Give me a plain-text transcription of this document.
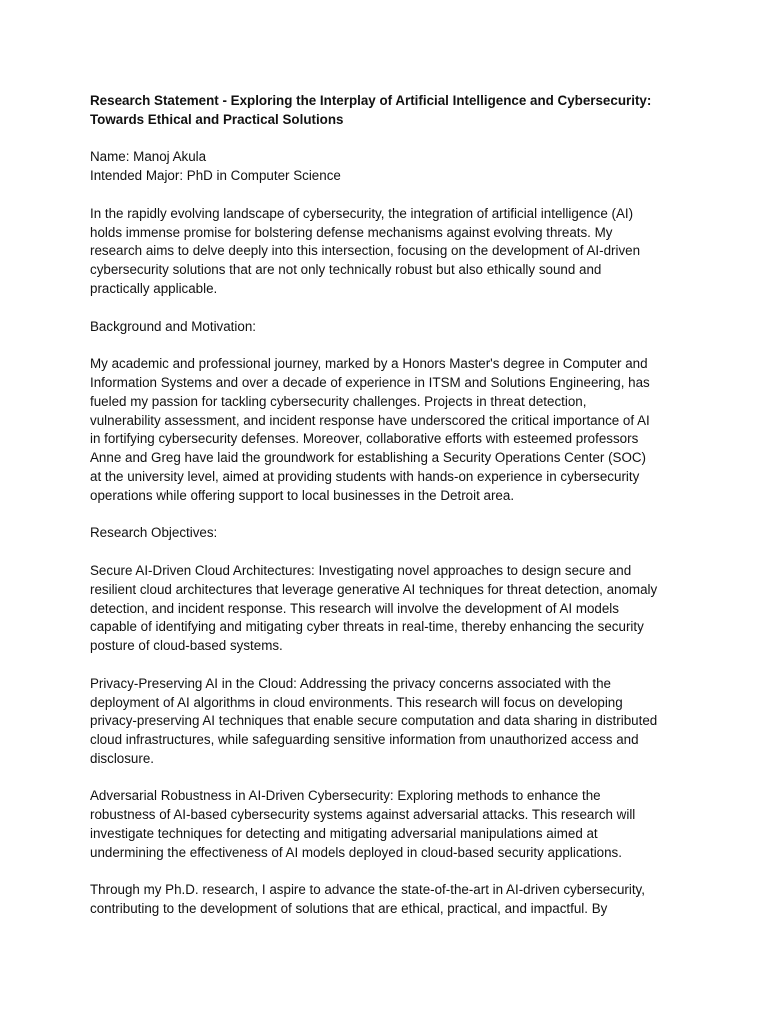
Research Statement - Exploring the Interplay of Artificial Intelligence and Cybersecurity:
Towards Ethical and Practical Solutions
Name: Manoj Akula
Intended Major: PhD in Computer Science
In the rapidly evolving landscape of cybersecurity, the integration of artificial intelligence (AI)
holds immense promise for bolstering defense mechanisms against evolving threats. My
research aims to delve deeply into this intersection, focusing on the development of AI-driven
cybersecurity solutions that are not only technically robust but also ethically sound and
practically applicable.
Background and Motivation:
My academic and professional journey, marked by a Honors Master's degree in Computer and
Information Systems and over a decade of experience in ITSM and Solutions Engineering, has
fueled my passion for tackling cybersecurity challenges. Projects in threat detection,
vulnerability assessment, and incident response have underscored the critical importance of AI
in fortifying cybersecurity defenses. Moreover, collaborative efforts with esteemed professors
Anne and Greg have laid the groundwork for establishing a Security Operations Center (SOC)
at the university level, aimed at providing students with hands-on experience in cybersecurity
operations while offering support to local businesses in the Detroit area.
Research Objectives:
Secure AI-Driven Cloud Architectures: Investigating novel approaches to design secure and
resilient cloud architectures that leverage generative AI techniques for threat detection, anomaly
detection, and incident response. This research will involve the development of AI models
capable of identifying and mitigating cyber threats in real-time, thereby enhancing the security
posture of cloud-based systems.
Privacy-Preserving AI in the Cloud: Addressing the privacy concerns associated with the
deployment of AI algorithms in cloud environments. This research will focus on developing
privacy-preserving AI techniques that enable secure computation and data sharing in distributed
cloud infrastructures, while safeguarding sensitive information from unauthorized access and
disclosure.
Adversarial Robustness in AI-Driven Cybersecurity: Exploring methods to enhance the
robustness of AI-based cybersecurity systems against adversarial attacks. This research will
investigate techniques for detecting and mitigating adversarial manipulations aimed at
undermining the effectiveness of AI models deployed in cloud-based security applications.
Through my Ph.D. research, I aspire to advance the state-of-the-art in AI-driven cybersecurity,
contributing to the development of solutions that are ethical, practical, and impactful. By
